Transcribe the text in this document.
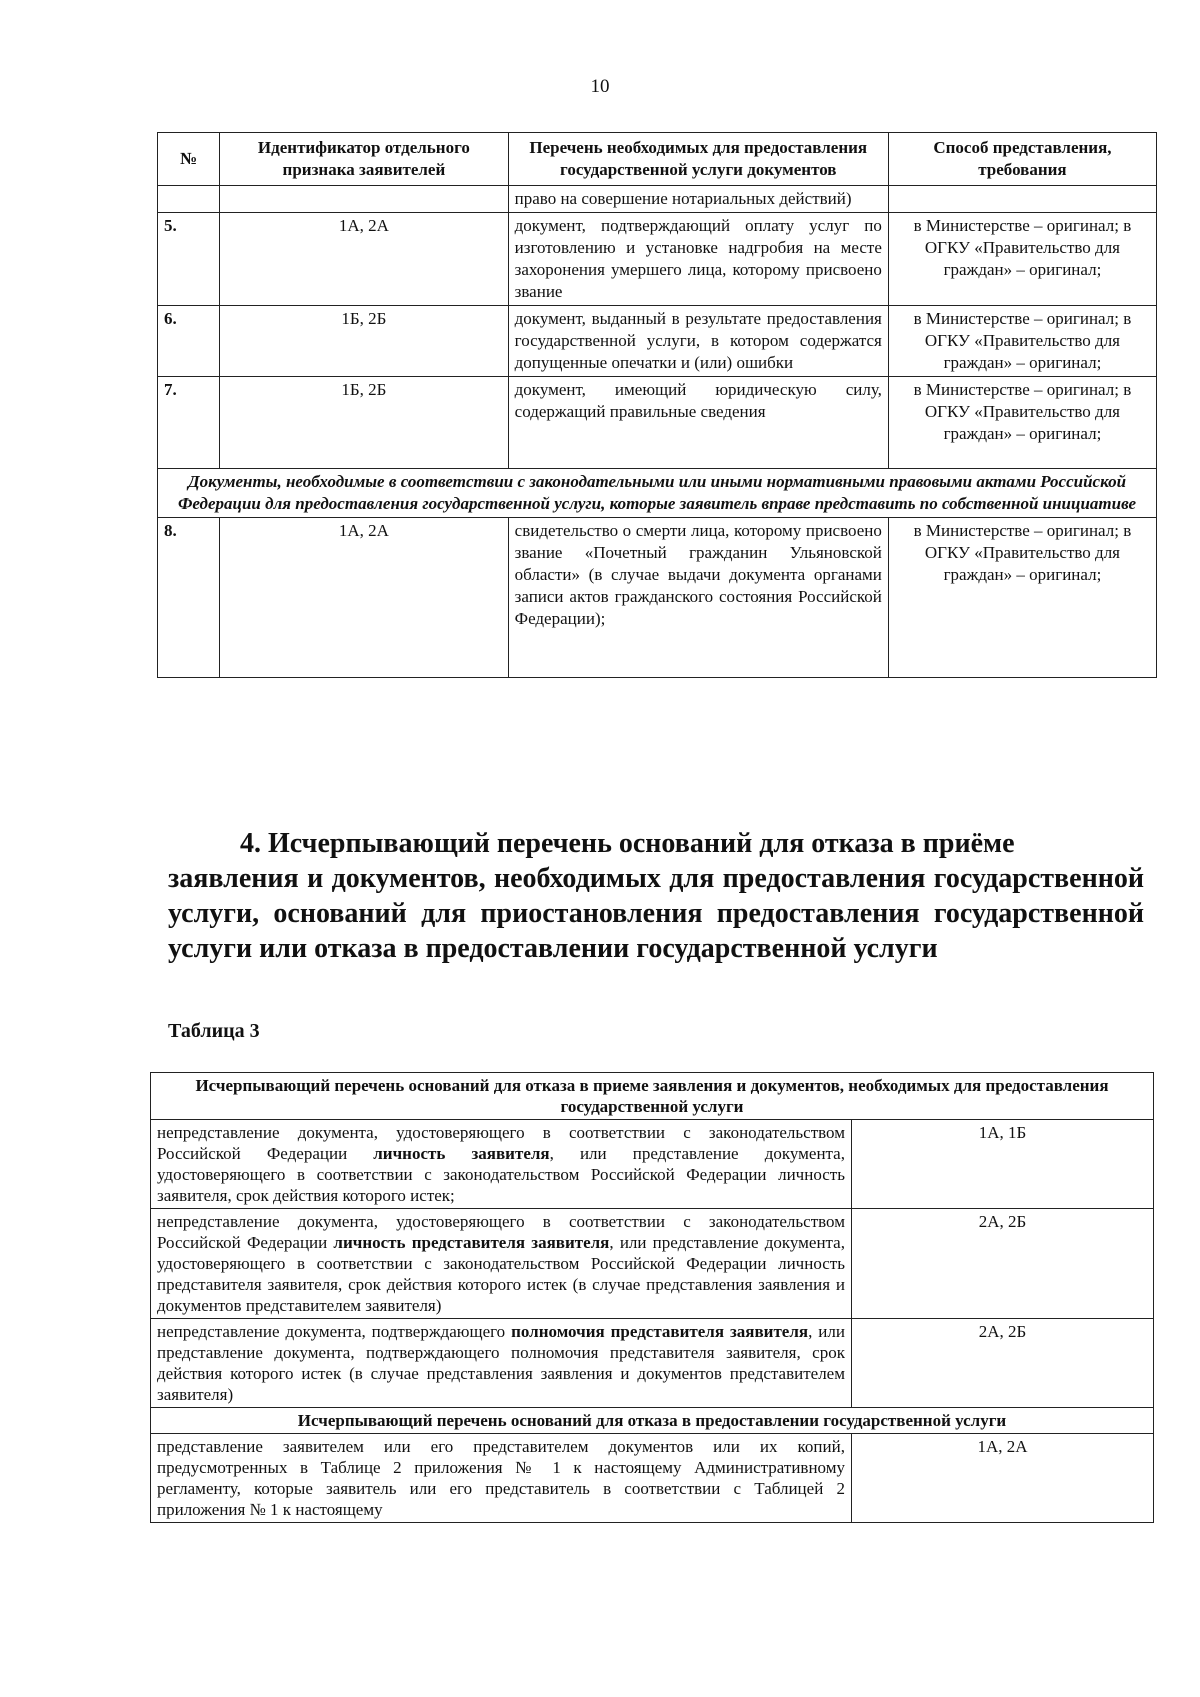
10
№	Идентификатор отдельного признака заявителей	Перечень необходимых для предоставления государственной услуги документов	Способ представления, требования
		право на совершение нотариальных действий)	
5.	1А, 2А	документ, подтверждающий оплату услуг по изготовлению и установке надгробия на месте захоронения умершего лица, которому присвоено звание	в Министерстве – оригинал; в ОГКУ «Правительство для граждан» – оригинал;
6.	1Б, 2Б	документ, выданный в результате предоставления государственной услуги, в котором содержатся допущенные опечатки и (или) ошибки	в Министерстве – оригинал; в ОГКУ «Правительство для граждан» – оригинал;
7.	1Б, 2Б	документ, имеющий юридическую силу, содержащий правильные сведения	в Министерстве – оригинал; в ОГКУ «Правительство для граждан» – оригинал;
Документы, необходимые в соответствии с законодательными или иными нормативными правовыми актами Российской Федерации для предоставления государственной услуги, которые заявитель вправе представить по собственной инициативе			
8.	1А, 2А	свидетельство о смерти лица, которому присвоено звание «Почетный гражданин Ульяновской области» (в случае выдачи документа органами записи актов гражданского состояния Российской Федерации);	в Министерстве – оригинал; в ОГКУ «Правительство для граждан» – оригинал;
4. Исчерпывающий перечень оснований для отказа в приёме
заявления и документов, необходимых для предоставления государственной услуги, оснований для приостановления предоставления государственной услуги или отказа в предоставлении государственной услуги
Таблица 3
Исчерпывающий перечень оснований для отказа в приеме заявления и документов, необходимых для предоставления государственной услуги	
непредставление документа, удостоверяющего в соответствии с законодательством Российской Федерации личность заявителя, или представление документа, удостоверяющего в соответствии с законодательством Российской Федерации личность заявителя, срок действия которого истек;	1А, 1Б
непредставление документа, удостоверяющего в соответствии с законодательством Российской Федерации личность представителя заявителя, или представление документа, удостоверяющего в соответствии с законодательством Российской Федерации личность представителя заявителя, срок действия которого истек (в случае представления заявления и документов представителем заявителя)	2А, 2Б
непредставление документа, подтверждающего полномочия представителя заявителя, или представление документа, подтверждающего полномочия представителя заявителя, срок действия которого истек (в случае представления заявления и документов представителем заявителя)	2А, 2Б
Исчерпывающий перечень оснований для отказа в предоставлении государственной услуги	
представление заявителем или его представителем документов или их копий, предусмотренных в Таблице 2 приложения № 1 к настоящему Административному регламенту, которые заявитель или его представитель в соответствии с Таблицей 2 приложения № 1 к настоящему	1А, 2А
